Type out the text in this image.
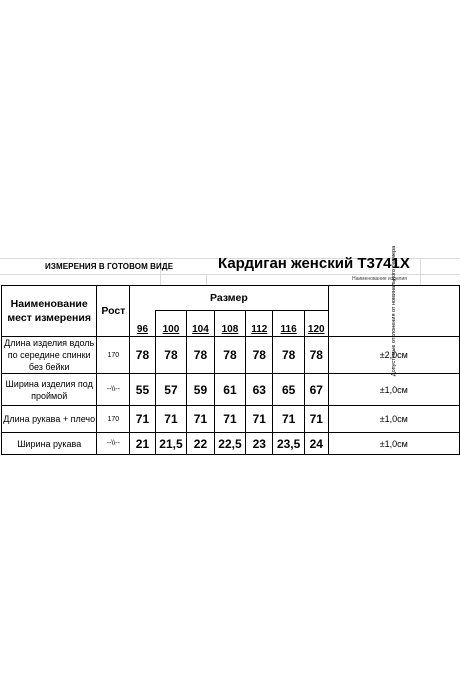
ИЗМЕРЕНИЯ В ГОТОВОМ ВИДЕ	Кардиган женский Т3741Х
Наименование изделия
Наименование мест измерения	Рост	Размер							Допустимые отклонения от номинального размера
		96	100	104	108	112	116	120	
Длина изделия вдоль по середине спинки без бейки	170	78	78	78	78	78	78	78	±2,0см
Ширина изделия под проймой	--\\--	55	57	59	61	63	65	67	±1,0см
Длина рукава + плечо	170	71	71	71	71	71	71	71	±1,0см
Ширина рукава	--\\--	21	21,5	22	22,5	23	23,5	24	±1,0см
